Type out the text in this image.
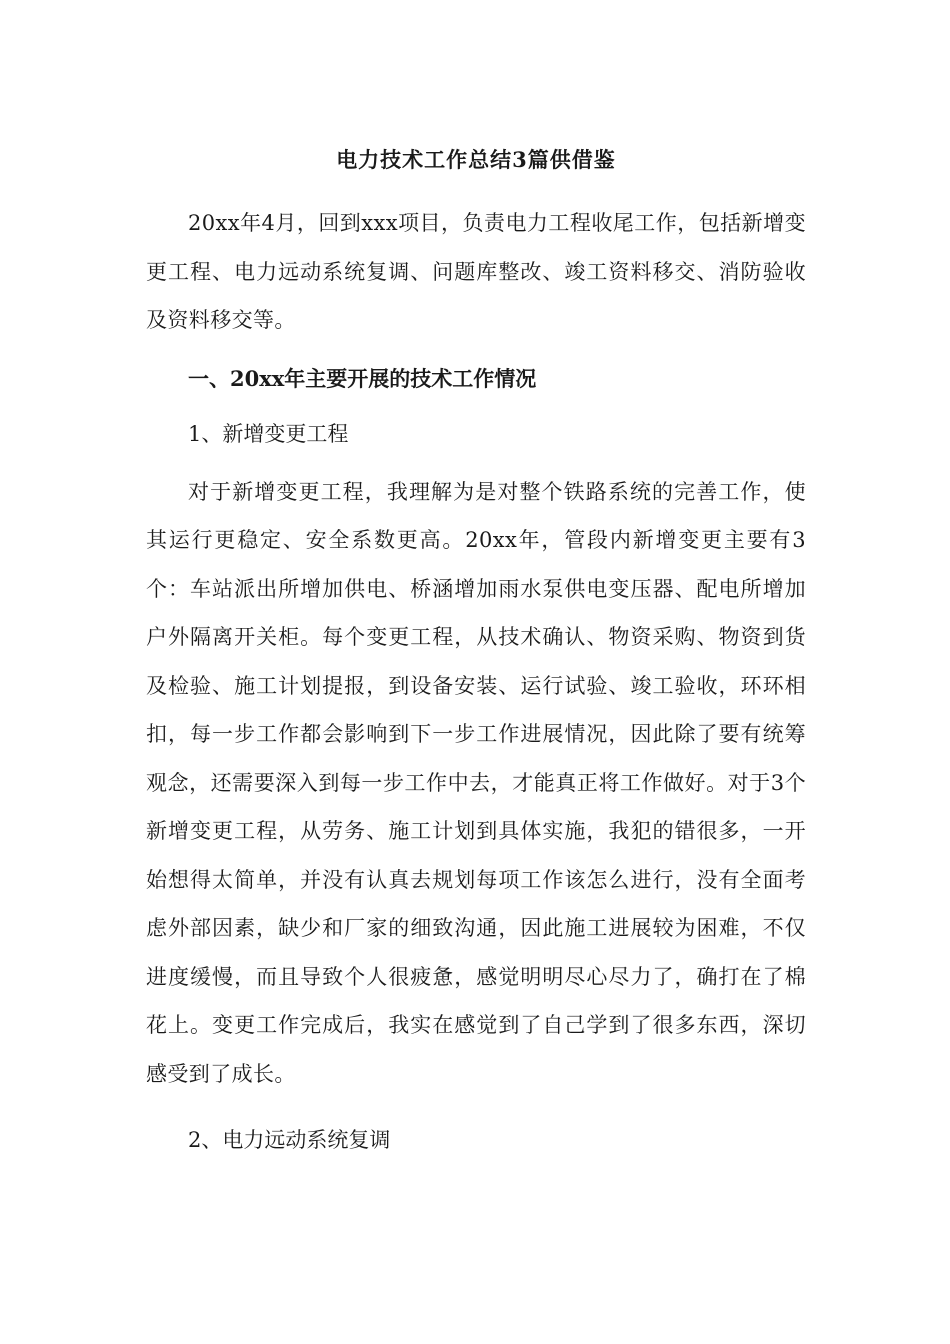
电力技术工作总结3篇供借鉴

20xx年4月，回到xxx项目，负责电力工程收尾工作，包括新增变更工程、电力远动系统复调、问题库整改、竣工资料移交、消防验收及资料移交等。

一、20xx年主要开展的技术工作情况

1、新增变更工程

对于新增变更工程，我理解为是对整个铁路系统的完善工作，使其运行更稳定、安全系数更高。20xx年，管段内新增变更主要有3个：车站派出所增加供电、桥涵增加雨水泵供电变压器、配电所增加户外隔离开关柜。每个变更工程，从技术确认、物资采购、物资到货及检验、施工计划提报，到设备安装、运行试验、竣工验收，环环相扣，每一步工作都会影响到下一步工作进展情况，因此除了要有统筹观念，还需要深入到每一步工作中去，才能真正将工作做好。对于3个新增变更工程，从劳务、施工计划到具体实施，我犯的错很多，一开始想得太简单，并没有认真去规划每项工作该怎么进行，没有全面考虑外部因素，缺少和厂家的细致沟通，因此施工进展较为困难，不仅进度缓慢，而且导致个人很疲惫，感觉明明尽心尽力了，确打在了棉花上。变更工作完成后，我实在感觉到了自己学到了很多东西，深切感受到了成长。

2、电力远动系统复调
